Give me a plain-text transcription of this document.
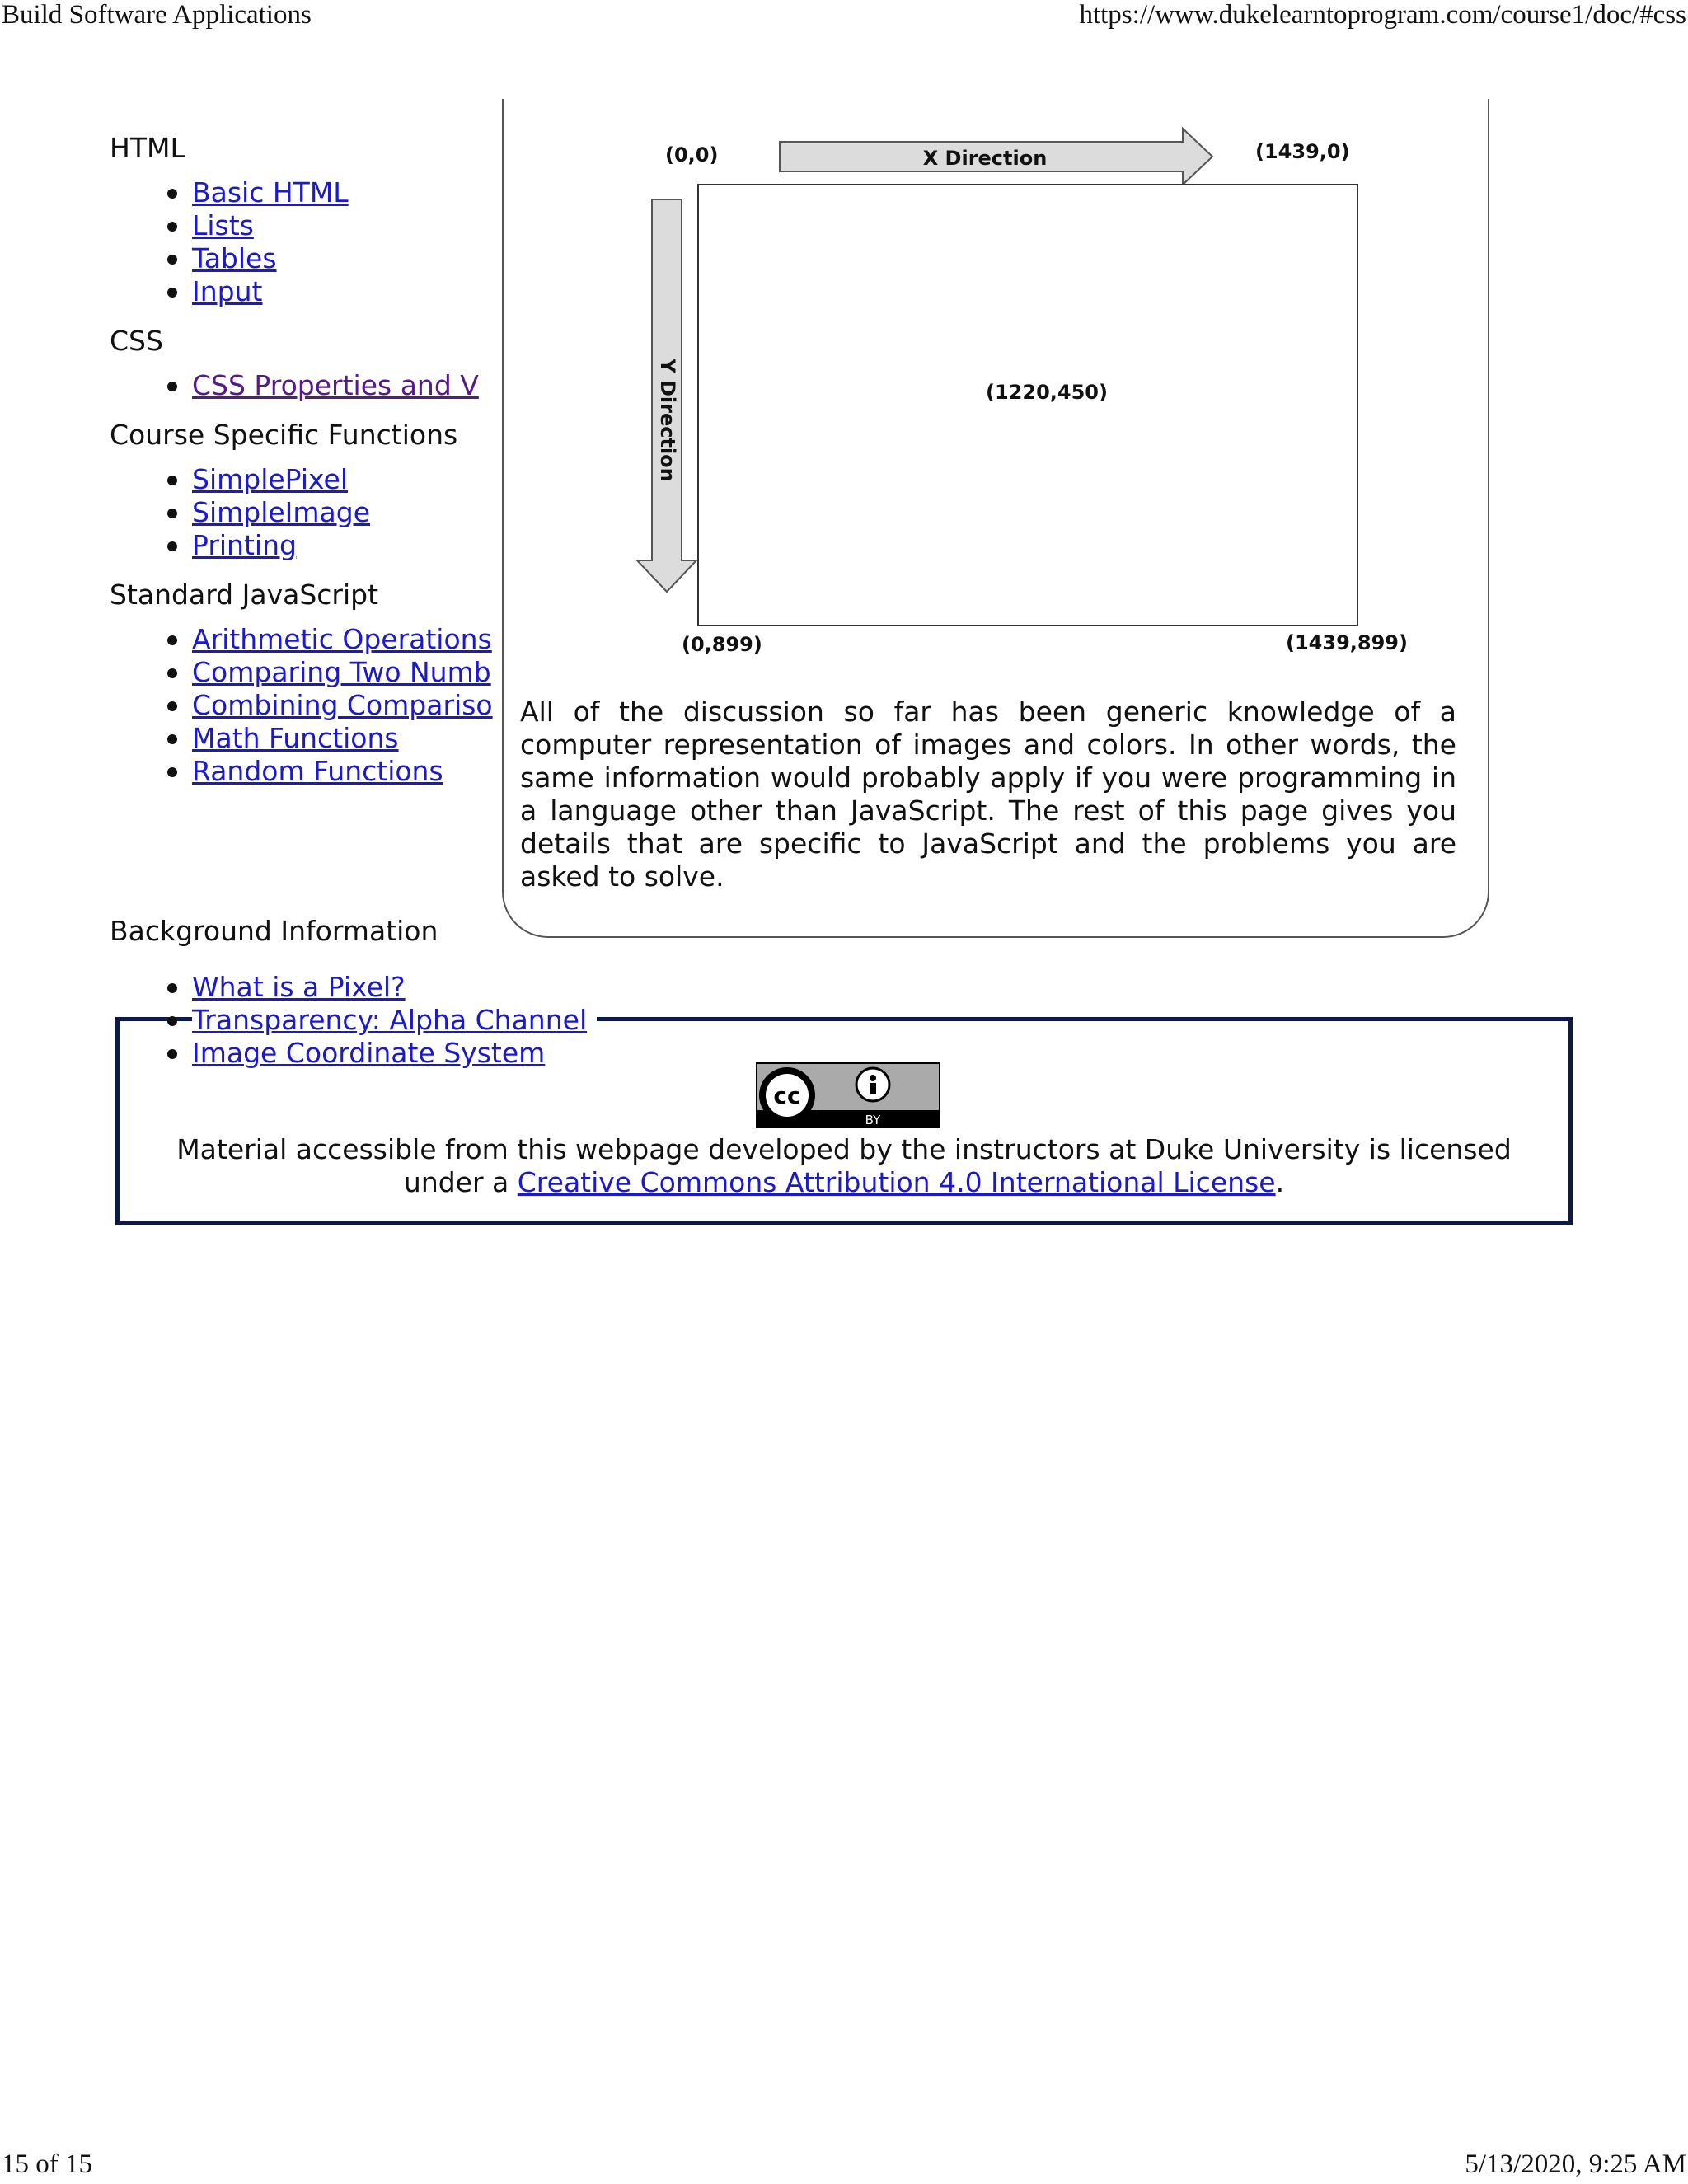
Build Software Applications	https://www.dukelearntoprogram.com/course1/doc/#css
HTML
Basic HTML
Lists
Tables
Input
CSS
CSS Properties and V
Course Specific Functions
SimplePixel
SimpleImage
Printing
Standard JavaScript
Arithmetic Operations
Comparing Two Numb
Combining Compariso
Math Functions
Random Functions
X Direction
Y Direction
(0,0)	(1439,0)
(1220,450)
(0,899)	(1439,899)

All of the discussion so far has been generic knowledge of a computer representation of images and colors. In other words, the same information would probably apply if you were programming in a language other than JavaScript. The rest of this page gives you details that are specific to JavaScript and the problems you are asked to solve.

cc
BY

Material accessible from this webpage developed by the instructors at Duke University is licensed under a Creative Commons Attribution 4.0 International License.

Background Information
What is a Pixel?
Transparency: Alpha Channel
Image Coordinate System
15 of 15	5/13/2020, 9:25 AM
